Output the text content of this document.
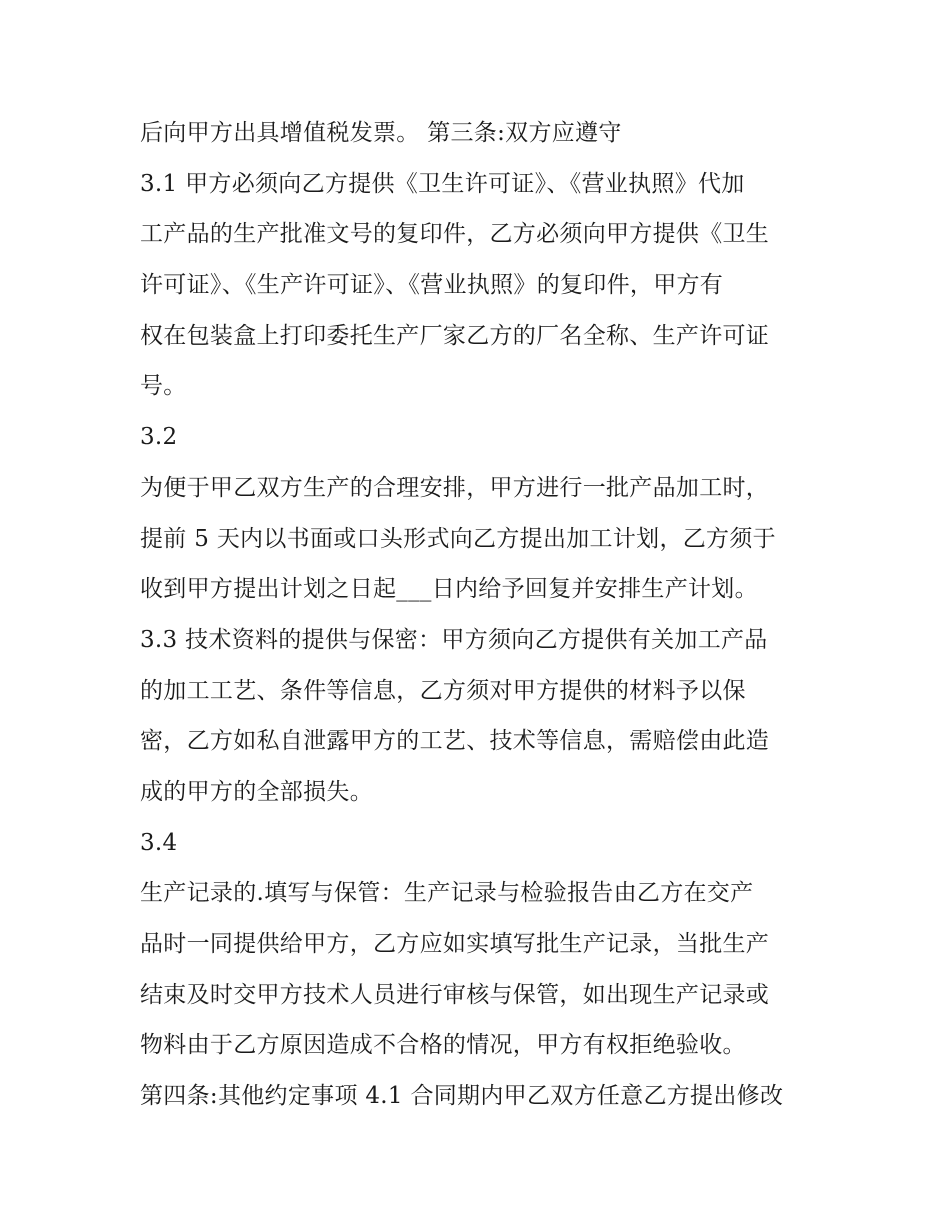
后向甲方出具增值税发票。 第三条:双方应遵守
3.1 甲方必须向乙方提供《卫生许可证》、《营业执照》代加
工产品的生产批准文号的复印件，乙方必须向甲方提供《卫生
许可证》、《生产许可证》、《营业执照》的复印件，甲方有
权在包装盒上打印委托生产厂家乙方的厂名全称、生产许可证
号。
3.2
为便于甲乙双方生产的合理安排，甲方进行一批产品加工时，
提前 5 天内以书面或口头形式向乙方提出加工计划，乙方须于
收到甲方提出计划之日起___日内给予回复并安排生产计划。
3.3 技术资料的提供与保密：甲方须向乙方提供有关加工产品
的加工工艺、条件等信息，乙方须对甲方提供的材料予以保
密，乙方如私自泄露甲方的工艺、技术等信息，需赔偿由此造
成的甲方的全部损失。
3.4
生产记录的.填写与保管：生产记录与检验报告由乙方在交产
品时一同提供给甲方，乙方应如实填写批生产记录，当批生产
结束及时交甲方技术人员进行审核与保管，如出现生产记录或
物料由于乙方原因造成不合格的情况，甲方有权拒绝验收。
第四条:其他约定事项 4.1 合同期内甲乙双方任意乙方提出修改
